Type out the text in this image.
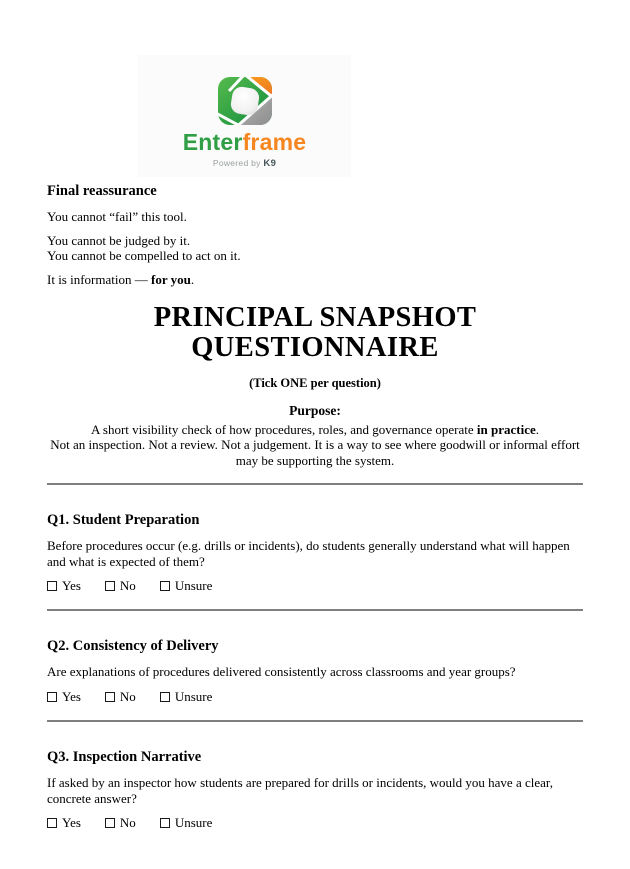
Enterframe
Powered by K9
Final reassurance

You cannot “fail” this tool.

You cannot be judged by it.
You cannot be compelled to act on it.

It is information — for you.

PRINCIPAL SNAPSHOT QUESTIONNAIRE
(Tick ONE per question)
Purpose:

A short visibility check of how procedures, roles, and governance operate in practice.
Not an inspection. Not a review. Not a judgement. It is a way to see where goodwill or informal effort may be supporting the system.

Q1. Student Preparation

Before procedures occur (e.g. drills or incidents), do students generally understand what will happen and what is expected of them?

Yes	No	Unsure
Q2. Consistency of Delivery

Are explanations of procedures delivered consistently across classrooms and year groups?

Yes	No	Unsure
Q3. Inspection Narrative

If asked by an inspector how students are prepared for drills or incidents, would you have a clear, concrete answer?

Yes	No	Unsure
